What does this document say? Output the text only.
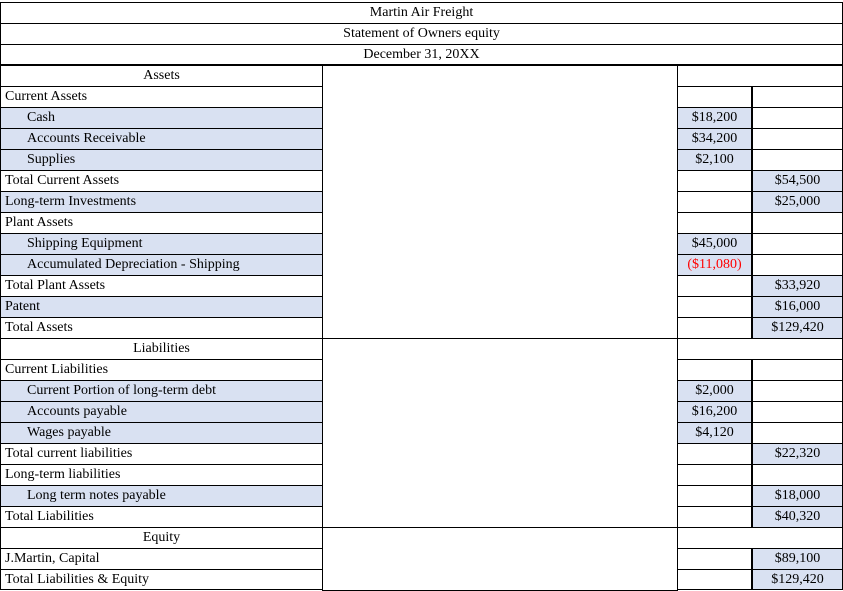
Martin Air Freight
Statement of Owners equity
December 31, 20XX
Assets
Current Assets
Cash	$18,200
Accounts Receivable	$34,200
Supplies	$2,100
Total Current Assets	$54,500
Long-term Investments	$25,000
Plant Assets
Shipping Equipment	$45,000
Accumulated Depreciation - Shipping	($11,080)
Total Plant Assets	$33,920
Patent	$16,000
Total Assets	$129,420
Liabilities
Current Liabilities
Current Portion of long-term debt	$2,000
Accounts payable	$16,200
Wages payable	$4,120
Total current liabilities	$22,320
Long-term liabilities
Long term notes payable	$18,000
Total Liabilities	$40,320
Equity
J.Martin, Capital	$89,100
Total Liabilities & Equity	$129,420
